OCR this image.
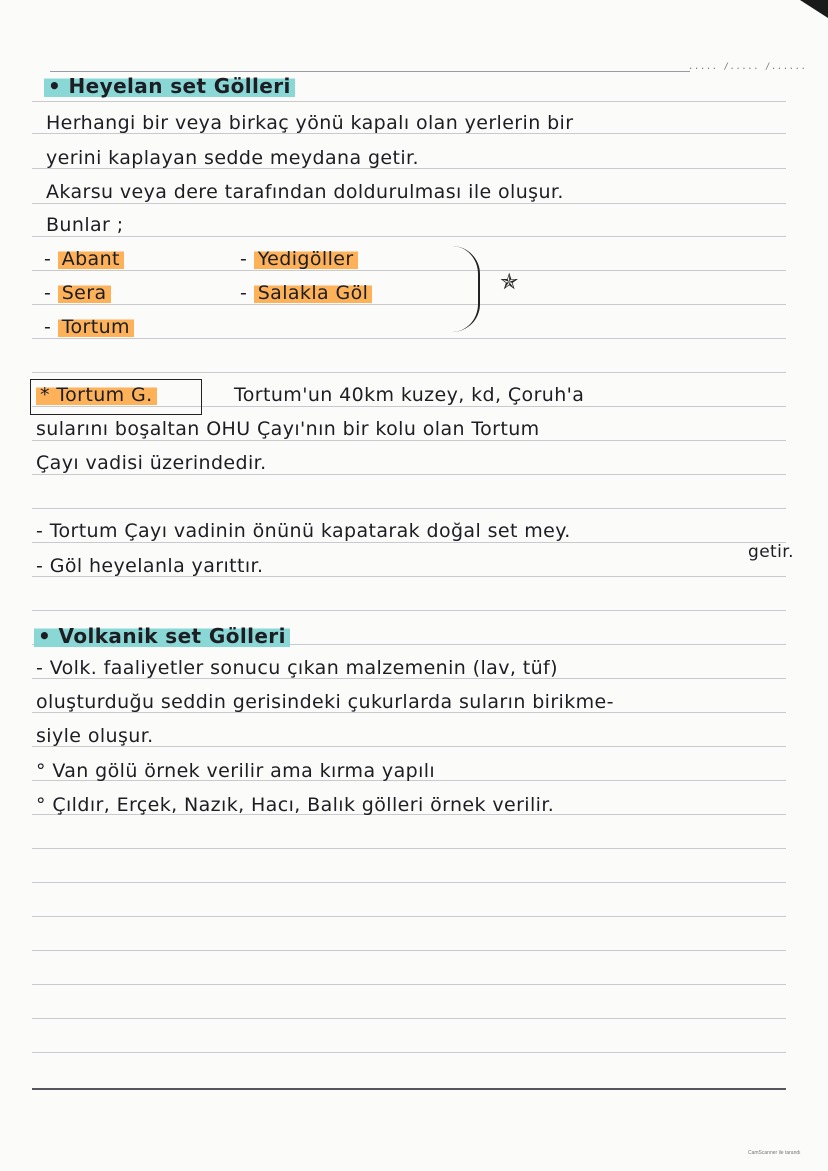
..... /..... /......
• Heyelan set Gölleri
Herhangi bir veya birkaç yönü kapalı olan yerlerin bir
yerini kaplayan sedde meydana getir.
Akarsu veya dere tarafından doldurulması ile oluşur.
Bunlar ;
- Abant
- Sera
- Tortum
- Yedigöller
- Salakla Göl	✯
* Tortum G.	Tortum'un 40km kuzey, kd, Çoruh'a
sularını boşaltan OHU Çayı'nın bir kolu olan Tortum
Çayı vadisi üzerindedir.
- Tortum Çayı vadinin önünü kapatarak doğal set mey.
getir.
- Göl heyelanla yarıttır.
• Volkanik set Gölleri
- Volk. faaliyetler sonucu çıkan malzemenin (lav, tüf)
oluşturduğu seddin gerisindeki çukurlarda suların birikme-
siyle oluşur.
° Van gölü örnek verilir ama kırma yapılı
° Çıldır, Erçek, Nazık, Hacı, Balık gölleri örnek verilir.
CamScanner ile tarandı
